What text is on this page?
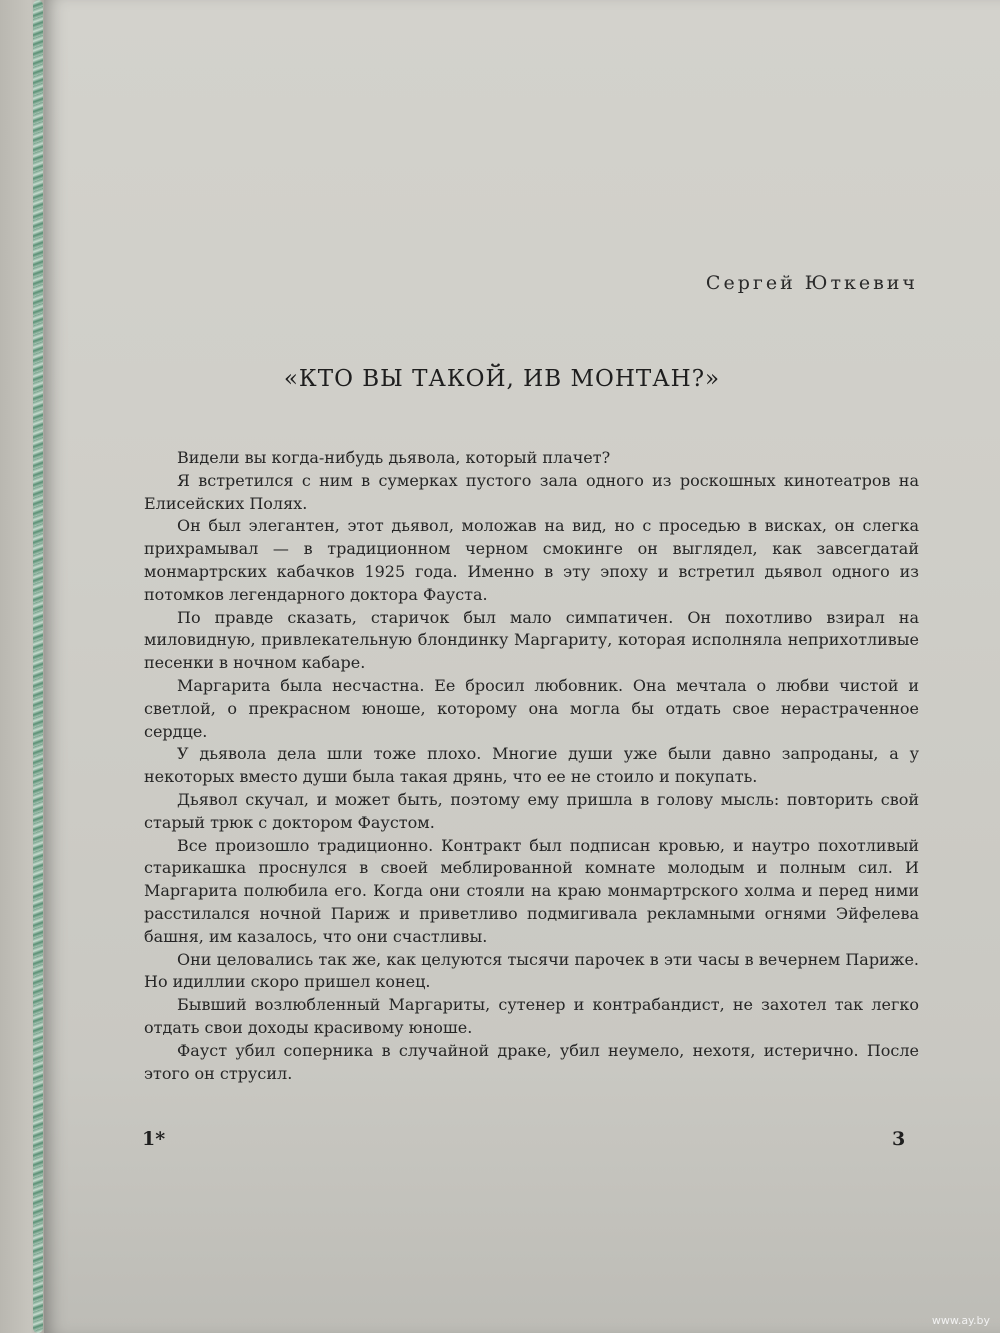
Сергей Юткевич
«КТО ВЫ ТАКОЙ, ИВ МОНТАН?»

Видели вы когда-нибудь дьявола, который плачет?

Я встретился с ним в сумерках пустого зала одного из роскошных кинотеатров на Елисейских Полях.

Он был элегантен, этот дьявол, моложав на вид, но с проседью в висках, он слегка прихрамывал — в традиционном черном смокинге он выглядел, как завсегдатай монмартрских кабачков 1925 года. Именно в эту эпоху и встретил дьявол одного из потомков легендарного доктора Фауста.

По правде сказать, старичок был мало симпатичен. Он похотливо взирал на миловидную, привлекательную блондинку Маргариту, которая исполняла неприхотливые песенки в ночном кабаре.

Маргарита была несчастна. Ее бросил любовник. Она мечтала о любви чистой и светлой, о прекрасном юноше, которому она могла бы отдать свое нерастраченное сердце.

У дьявола дела шли тоже плохо. Многие души уже были давно запроданы, а у некоторых вместо души была такая дрянь, что ее не стоило и покупать.

Дьявол скучал, и может быть, поэтому ему пришла в голову мысль: повторить свой старый трюк с доктором Фаустом.

Все произошло традиционно. Контракт был подписан кровью, и наутро похотливый старикашка проснулся в своей меблированной комнате молодым и полным сил. И Маргарита полюбила его. Когда они стояли на краю монмартрского холма и перед ними расстилался ночной Париж и приветливо подмигивала рекламными огнями Эйфелева башня, им казалось, что они счастливы.

Они целовались так же, как целуются тысячи парочек в эти часы в вечернем Париже. Но идиллии скоро пришел конец.

Бывший возлюбленный Маргариты, сутенер и контрабандист, не захотел так легко отдать свои доходы красивому юноше.

Фауст убил соперника в случайной драке, убил неумело, нехотя, истерично. После этого он струсил.

1*	3
www.ay.by
